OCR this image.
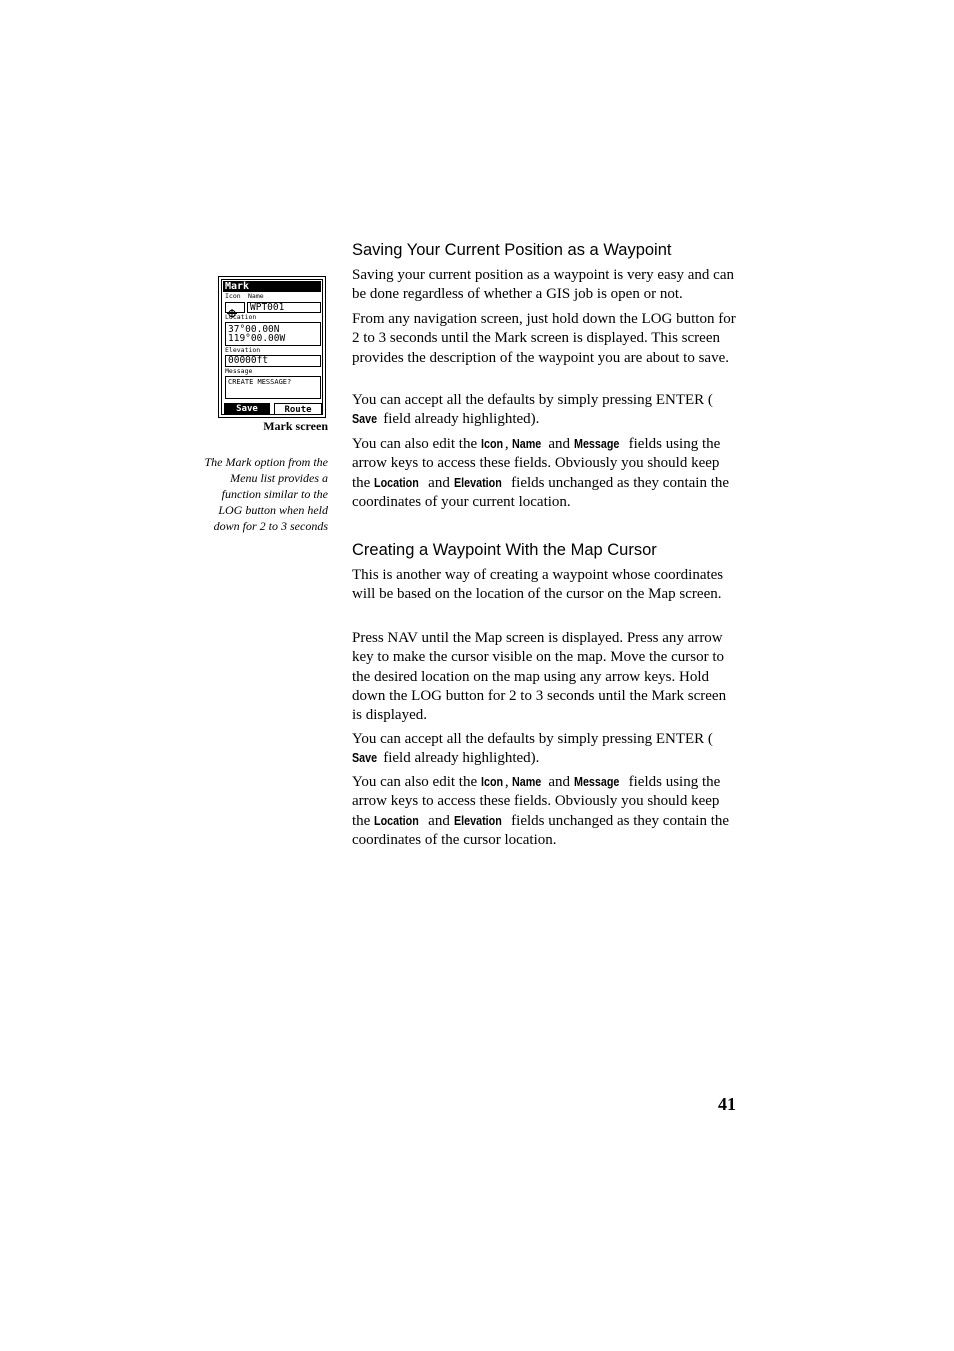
Mark
Icon Name
WPT001
Location
37°00.00N
119°00.00W
Elevation
00000ft
Message
CREATE MESSAGE?
Save	Route

Mark screen

The Mark option from the Menu list provides a function similar to the LOG button when held down for 2 to 3 seconds

Saving Your Current Position as a Waypoint

Saving your current position as a waypoint is very easy and can be done regardless of whether a GIS job is open or not.

From any navigation screen, just hold down the LOG button for 2 to 3 seconds until the Mark screen is displayed. This screen provides the description of the waypoint you are about to save.

You can accept all the defaults by simply pressing ENTER (Save field already highlighted).

You can also edit the Icon , Name and Message fields using the arrow keys to access these fields. Obviously you should keep the Location and Elevation fields unchanged as they contain the coordinates of your current location.

Creating a Waypoint With the Map Cursor

This is another way of creating a waypoint whose coordinates will be based on the location of the cursor on the Map screen.

Press NAV until the Map screen is displayed. Press any arrow key to make the cursor visible on the map. Move the cursor to the desired location on the map using any arrow keys. Hold down the LOG button for 2 to 3 seconds until the Mark screen is displayed.

You can accept all the defaults by simply pressing ENTER (Save field already highlighted).

You can also edit the Icon , Name and Message fields using the arrow keys to access these fields. Obviously you should keep the Location and Elevation fields unchanged as they contain the coordinates of the cursor location.

41
